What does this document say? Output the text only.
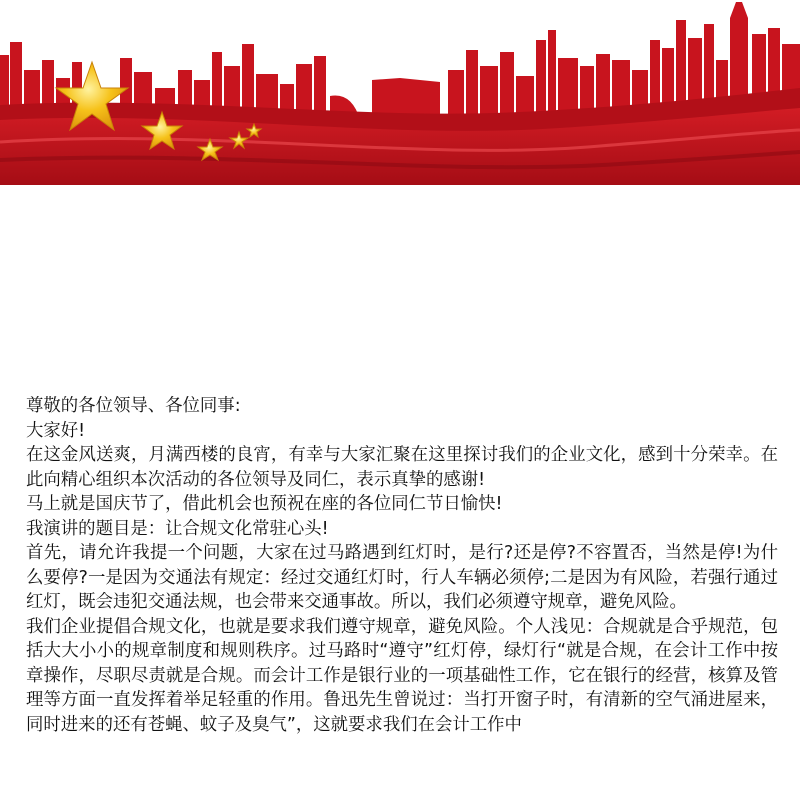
尊敬的各位领导、各位同事:

大家好!

在这金风送爽，月满西楼的良宵，有幸与大家汇聚在这里探讨我们的企业文化，感到十分荣幸。在此向精心组织本次活动的各位领导及同仁，表示真挚的感谢!

马上就是国庆节了，借此机会也预祝在座的各位同仁节日愉快!

我演讲的题目是：让合规文化常驻心头!

首先，请允许我提一个问题，大家在过马路遇到红灯时，是行?还是停?不容置否，当然是停!为什么要停?一是因为交通法有规定：经过交通红灯时，行人车辆必须停;二是因为有风险，若强行通过红灯，既会违犯交通法规，也会带来交通事故。所以，我们必须遵守规章，避免风险。

我们企业提倡合规文化，也就是要求我们遵守规章，避免风险。个人浅见：合规就是合乎规范，包括大大小小的规章制度和规则秩序。过马路时“遵守”红灯停，绿灯行“就是合规，在会计工作中按章操作，尽职尽责就是合规。而会计工作是银行业的一项基础性工作，它在银行的经营，核算及管理等方面一直发挥着举足轻重的作用。鲁迅先生曾说过：当打开窗子时，有清新的空气涌进屋来，同时进来的还有苍蝇、蚊子及臭气”，这就要求我们在会计工作中
